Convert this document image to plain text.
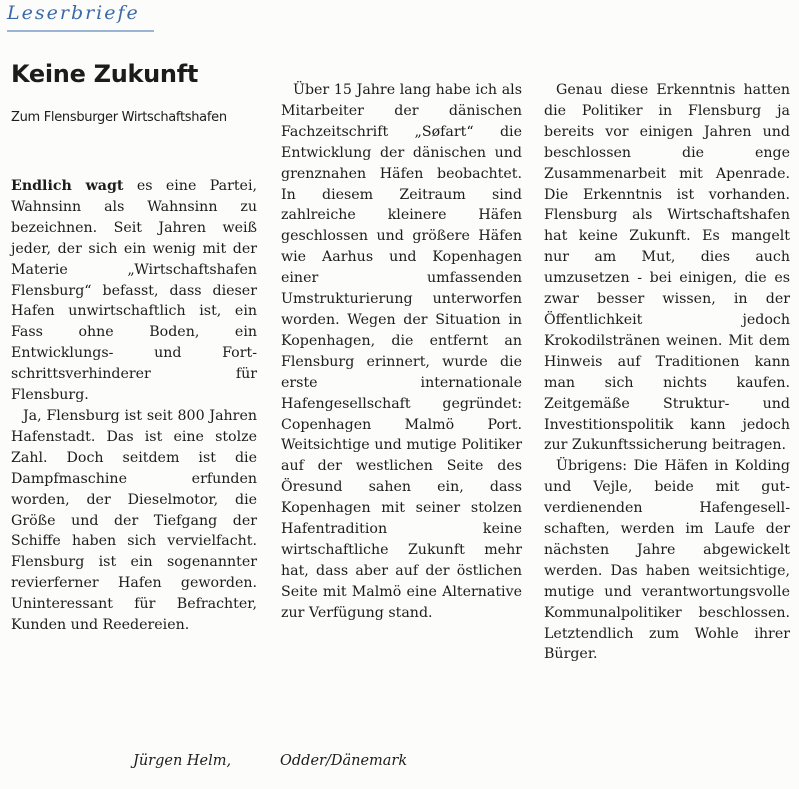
Leserbriefe
Keine Zukunft
Zum Flensburger Wirtschaftshafen

Endlich wagt es eine Partei, Wahnsinn als Wahnsinn zu bezeichnen. Seit Jahren weiß jeder, der sich ein wenig mit der Materie „Wirtschaftshafen Flensburg“ befasst, dass dieser Hafen unwirtschaftlich ist, ein Fass ohne Boden, ein Entwicklungs- und Fortschrittsverhinderer für Flensburg.

Ja, Flensburg ist seit 800 Jahren Hafenstadt. Das ist eine stolze Zahl. Doch seitdem ist die Dampfmaschine erfunden worden, der Dieselmotor, die Größe und der Tiefgang der Schiffe haben sich vervielfacht. Flensburg ist ein sogenannter revierferner Hafen geworden. Uninteressant für Befrachter, Kunden und Reedereien.

Über 15 Jahre lang habe ich als Mitarbeiter der dänischen Fachzeitschrift „Søfart“ die Entwicklung der dänischen und grenznahen Häfen beobachtet. In diesem Zeitraum sind zahlreiche kleinere Häfen geschlossen und größere Häfen wie Aarhus und Kopenhagen einer umfassenden Umstrukturierung unterworfen worden. Wegen der Situation in Kopenhagen, die entfernt an Flensburg erinnert, wurde die erste internationale Hafengesellschaft gegründet: Copenhagen Malmö Port. Weitsichtige und mutige Politiker auf der westlichen Seite des Öresund sahen ein, dass Kopenhagen mit seiner stolzen Hafentradition keine wirtschaftliche Zukunft mehr hat, dass aber auf der östlichen Seite mit Malmö eine Alternative zur Verfügung stand.

Genau diese Erkenntnis hatten die Politiker in Flensburg ja bereits vor einigen Jahren und beschlossen die enge Zusammenarbeit mit Apenrade. Die Erkenntnis ist vorhanden. Flensburg als Wirtschaftshafen hat keine Zukunft. Es mangelt nur am Mut, dies auch umzusetzen - bei einigen, die es zwar besser wissen, in der Öffentlichkeit jedoch Krokodilstränen weinen. Mit dem Hinweis auf Traditionen kann man sich nichts kaufen. Zeitgemäße Struktur- und Investitionspolitik kann jedoch zur Zukunftssicherung beitragen.

Übrigens: Die Häfen in Kolding und Vejle, beide mit gutverdienenden Hafengesellschaften, werden im Laufe der nächsten Jahre abgewickelt werden. Das haben weitsichtige, mutige und verantwortungsvolle Kommunalpolitiker beschlossen. Letztendlich zum Wohle ihrer Bürger.

Jürgen Helm,	Odder/Dänemark
